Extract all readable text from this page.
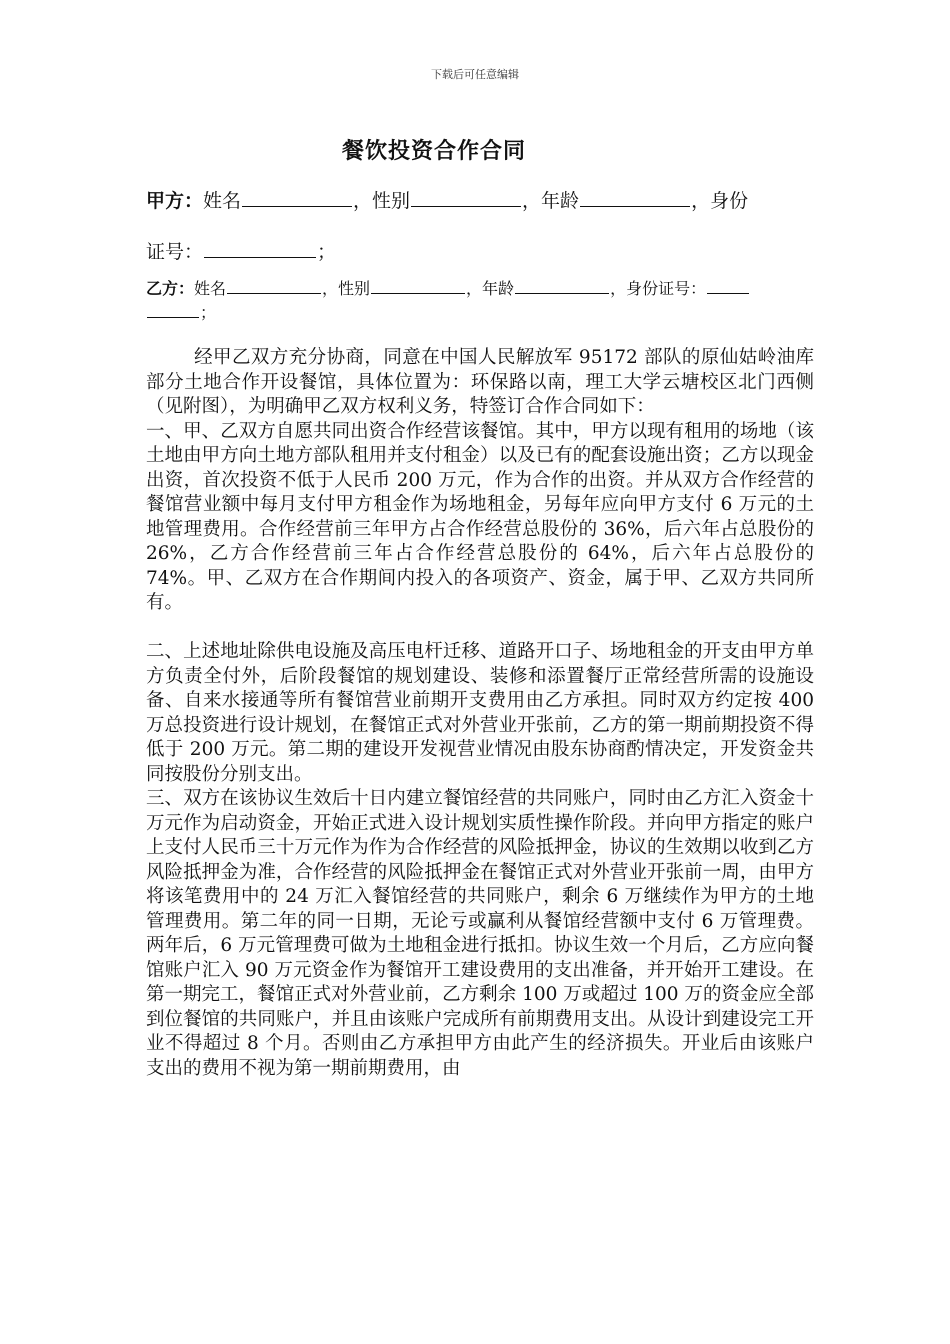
下载后可任意编辑
餐饮投资合作合同
甲方：姓名	，性别	，年龄	，身份
证号：	；
乙方：姓名	，性别	，年龄	，身份证号：
；

经甲乙双方充分协商，同意在中国人民解放军 95172 部队的原仙姑岭油库部分土地合作开设餐馆，具体位置为：环保路以南，理工大学云塘校区北门西侧（见附图），为明确甲乙双方权利义务，特签订合作合同如下：

一、甲、乙双方自愿共同出资合作经营该餐馆。其中，甲方以现有租用的场地（该土地由甲方向土地方部队租用并支付租金）以及已有的配套设施出资；乙方以现金出资，首次投资不低于人民币 200 万元，作为合作的出资。并从双方合作经营的餐馆营业额中每月支付甲方租金作为场地租金，另每年应向甲方支付 6 万元的土地管理费用。合作经营前三年甲方占合作经营总股份的 36%，后六年占总股份的 26%，乙方合作经营前三年占合作经营总股份的 64%，后六年占总股份的 74%。甲、乙双方在合作期间内投入的各项资产、资金，属于甲、乙双方共同所有。

二、上述地址除供电设施及高压电杆迁移、道路开口子、场地租金的开支由甲方单方负责全付外，后阶段餐馆的规划建设、装修和添置餐厅正常经营所需的设施设备、自来水接通等所有餐馆营业前期开支费用由乙方承担。同时双方约定按 400 万总投资进行设计规划，在餐馆正式对外营业开张前，乙方的第一期前期投资不得低于 200 万元。第二期的建设开发视营业情况由股东协商酌情决定，开发资金共同按股份分别支出。

三、双方在该协议生效后十日内建立餐馆经营的共同账户，同时由乙方汇入资金十万元作为启动资金，开始正式进入设计规划实质性操作阶段。并向甲方指定的账户上支付人民币三十万元作为作为合作经营的风险抵押金，协议的生效期以收到乙方风险抵押金为准，合作经营的风险抵押金在餐馆正式对外营业开张前一周，由甲方将该笔费用中的 24 万汇入餐馆经营的共同账户，剩余 6 万继续作为甲方的土地管理费用。第二年的同一日期，无论亏或赢利从餐馆经营额中支付 6 万管理费。两年后，6 万元管理费可做为土地租金进行抵扣。协议生效一个月后，乙方应向餐馆账户汇入 90 万元资金作为餐馆开工建设费用的支出准备，并开始开工建设。在第一期完工，餐馆正式对外营业前，乙方剩余 100 万或超过 100 万的资金应全部到位餐馆的共同账户，并且由该账户完成所有前期费用支出。从设计到建设完工开业不得超过 8 个月。否则由乙方承担甲方由此产生的经济损失。开业后由该账户支出的费用不视为第一期前期费用，由
